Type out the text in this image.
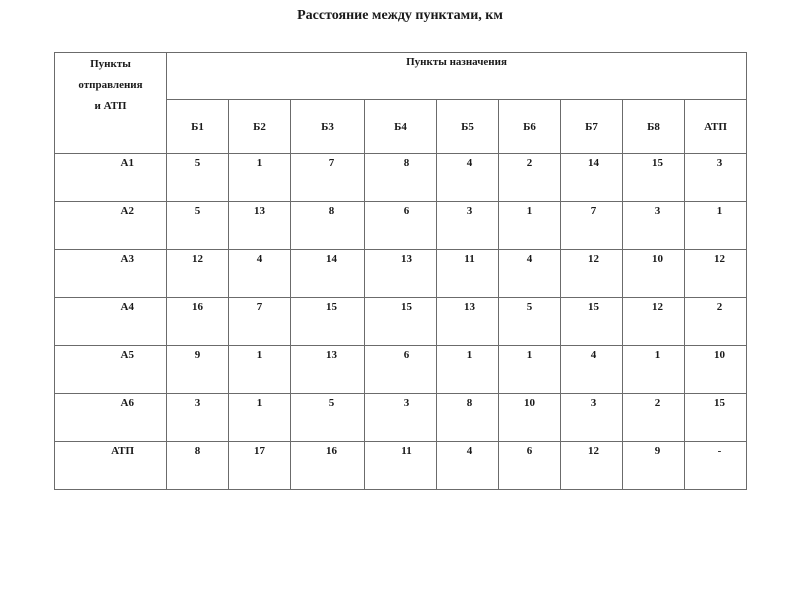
Расстояние между пунктами, км
Пункты
отправления
и АТП	Пункты назначения								
	Б1	Б2	Б3	Б4	Б5	Б6	Б7	Б8	АТП
А1	5	1	7	8	4	2	14	15	3
А2	5	13	8	6	3	1	7	3	1
А3	12	4	14	13	11	4	12	10	12
А4	16	7	15	15	13	5	15	12	2
А5	9	1	13	6	1	1	4	1	10
А6	3	1	5	3	8	10	3	2	15
АТП	8	17	16	11	4	6	12	9	-
